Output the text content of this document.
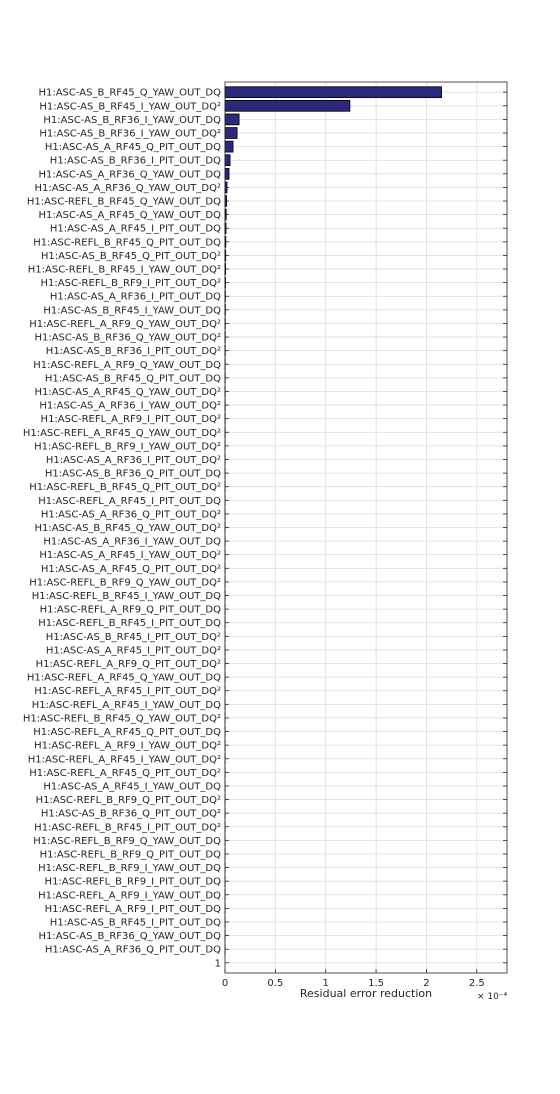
H1:ASC-AS_B_RF45_Q_YAW_OUT_DQ
H1:ASC-AS_B_RF45_I_YAW_OUT_DQ²
H1:ASC-AS_B_RF36_I_YAW_OUT_DQ
H1:ASC-AS_B_RF36_I_YAW_OUT_DQ²
H1:ASC-AS_A_RF45_Q_PIT_OUT_DQ
H1:ASC-AS_B_RF36_I_PIT_OUT_DQ
H1:ASC-AS_A_RF36_Q_YAW_OUT_DQ
H1:ASC-AS_A_RF36_Q_YAW_OUT_DQ²
H1:ASC-REFL_B_RF45_Q_YAW_OUT_DQ
H1:ASC-AS_A_RF45_Q_YAW_OUT_DQ
H1:ASC-AS_A_RF45_I_PIT_OUT_DQ
H1:ASC-REFL_B_RF45_Q_PIT_OUT_DQ
H1:ASC-AS_B_RF45_Q_PIT_OUT_DQ²
H1:ASC-REFL_B_RF45_I_YAW_OUT_DQ²
H1:ASC-REFL_B_RF9_I_PIT_OUT_DQ²
H1:ASC-AS_A_RF36_I_PIT_OUT_DQ
H1:ASC-AS_B_RF45_I_YAW_OUT_DQ
H1:ASC-REFL_A_RF9_Q_YAW_OUT_DQ²
H1:ASC-AS_B_RF36_Q_YAW_OUT_DQ²
H1:ASC-AS_B_RF36_I_PIT_OUT_DQ²
H1:ASC-REFL_A_RF9_Q_YAW_OUT_DQ
H1:ASC-AS_B_RF45_Q_PIT_OUT_DQ
H1:ASC-AS_A_RF45_Q_YAW_OUT_DQ²
H1:ASC-AS_A_RF36_I_YAW_OUT_DQ²
H1:ASC-REFL_A_RF9_I_PIT_OUT_DQ²
H1:ASC-REFL_A_RF45_Q_YAW_OUT_DQ²
H1:ASC-REFL_B_RF9_I_YAW_OUT_DQ²
H1:ASC-AS_A_RF36_I_PIT_OUT_DQ²
H1:ASC-AS_B_RF36_Q_PIT_OUT_DQ
H1:ASC-REFL_B_RF45_Q_PIT_OUT_DQ²
H1:ASC-REFL_A_RF45_I_PIT_OUT_DQ
H1:ASC-AS_A_RF36_Q_PIT_OUT_DQ²
H1:ASC-AS_B_RF45_Q_YAW_OUT_DQ²
H1:ASC-AS_A_RF36_I_YAW_OUT_DQ
H1:ASC-AS_A_RF45_I_YAW_OUT_DQ²
H1:ASC-AS_A_RF45_Q_PIT_OUT_DQ²
H1:ASC-REFL_B_RF9_Q_YAW_OUT_DQ²
H1:ASC-REFL_B_RF45_I_YAW_OUT_DQ
H1:ASC-REFL_A_RF9_Q_PIT_OUT_DQ
H1:ASC-REFL_B_RF45_I_PIT_OUT_DQ
H1:ASC-AS_B_RF45_I_PIT_OUT_DQ²
H1:ASC-AS_A_RF45_I_PIT_OUT_DQ²
H1:ASC-REFL_A_RF9_Q_PIT_OUT_DQ²
H1:ASC-REFL_A_RF45_Q_YAW_OUT_DQ
H1:ASC-REFL_A_RF45_I_PIT_OUT_DQ²
H1:ASC-REFL_A_RF45_I_YAW_OUT_DQ
H1:ASC-REFL_B_RF45_Q_YAW_OUT_DQ²
H1:ASC-REFL_A_RF45_Q_PIT_OUT_DQ
H1:ASC-REFL_A_RF9_I_YAW_OUT_DQ²
H1:ASC-REFL_A_RF45_I_YAW_OUT_DQ²
H1:ASC-REFL_A_RF45_Q_PIT_OUT_DQ²
H1:ASC-AS_A_RF45_I_YAW_OUT_DQ
H1:ASC-REFL_B_RF9_Q_PIT_OUT_DQ²
H1:ASC-AS_B_RF36_Q_PIT_OUT_DQ²
H1:ASC-REFL_B_RF45_I_PIT_OUT_DQ²
H1:ASC-REFL_B_RF9_Q_YAW_OUT_DQ
H1:ASC-REFL_B_RF9_Q_PIT_OUT_DQ
H1:ASC-REFL_B_RF9_I_YAW_OUT_DQ
H1:ASC-REFL_B_RF9_I_PIT_OUT_DQ
H1:ASC-REFL_A_RF9_I_YAW_OUT_DQ
H1:ASC-REFL_A_RF9_I_PIT_OUT_DQ
H1:ASC-AS_B_RF45_I_PIT_OUT_DQ
H1:ASC-AS_B_RF36_Q_YAW_OUT_DQ
H1:ASC-AS_A_RF36_Q_PIT_OUT_DQ
1
0	0.5	1	1.5	2	2.5
Residual error reduction	× 10⁻⁴
